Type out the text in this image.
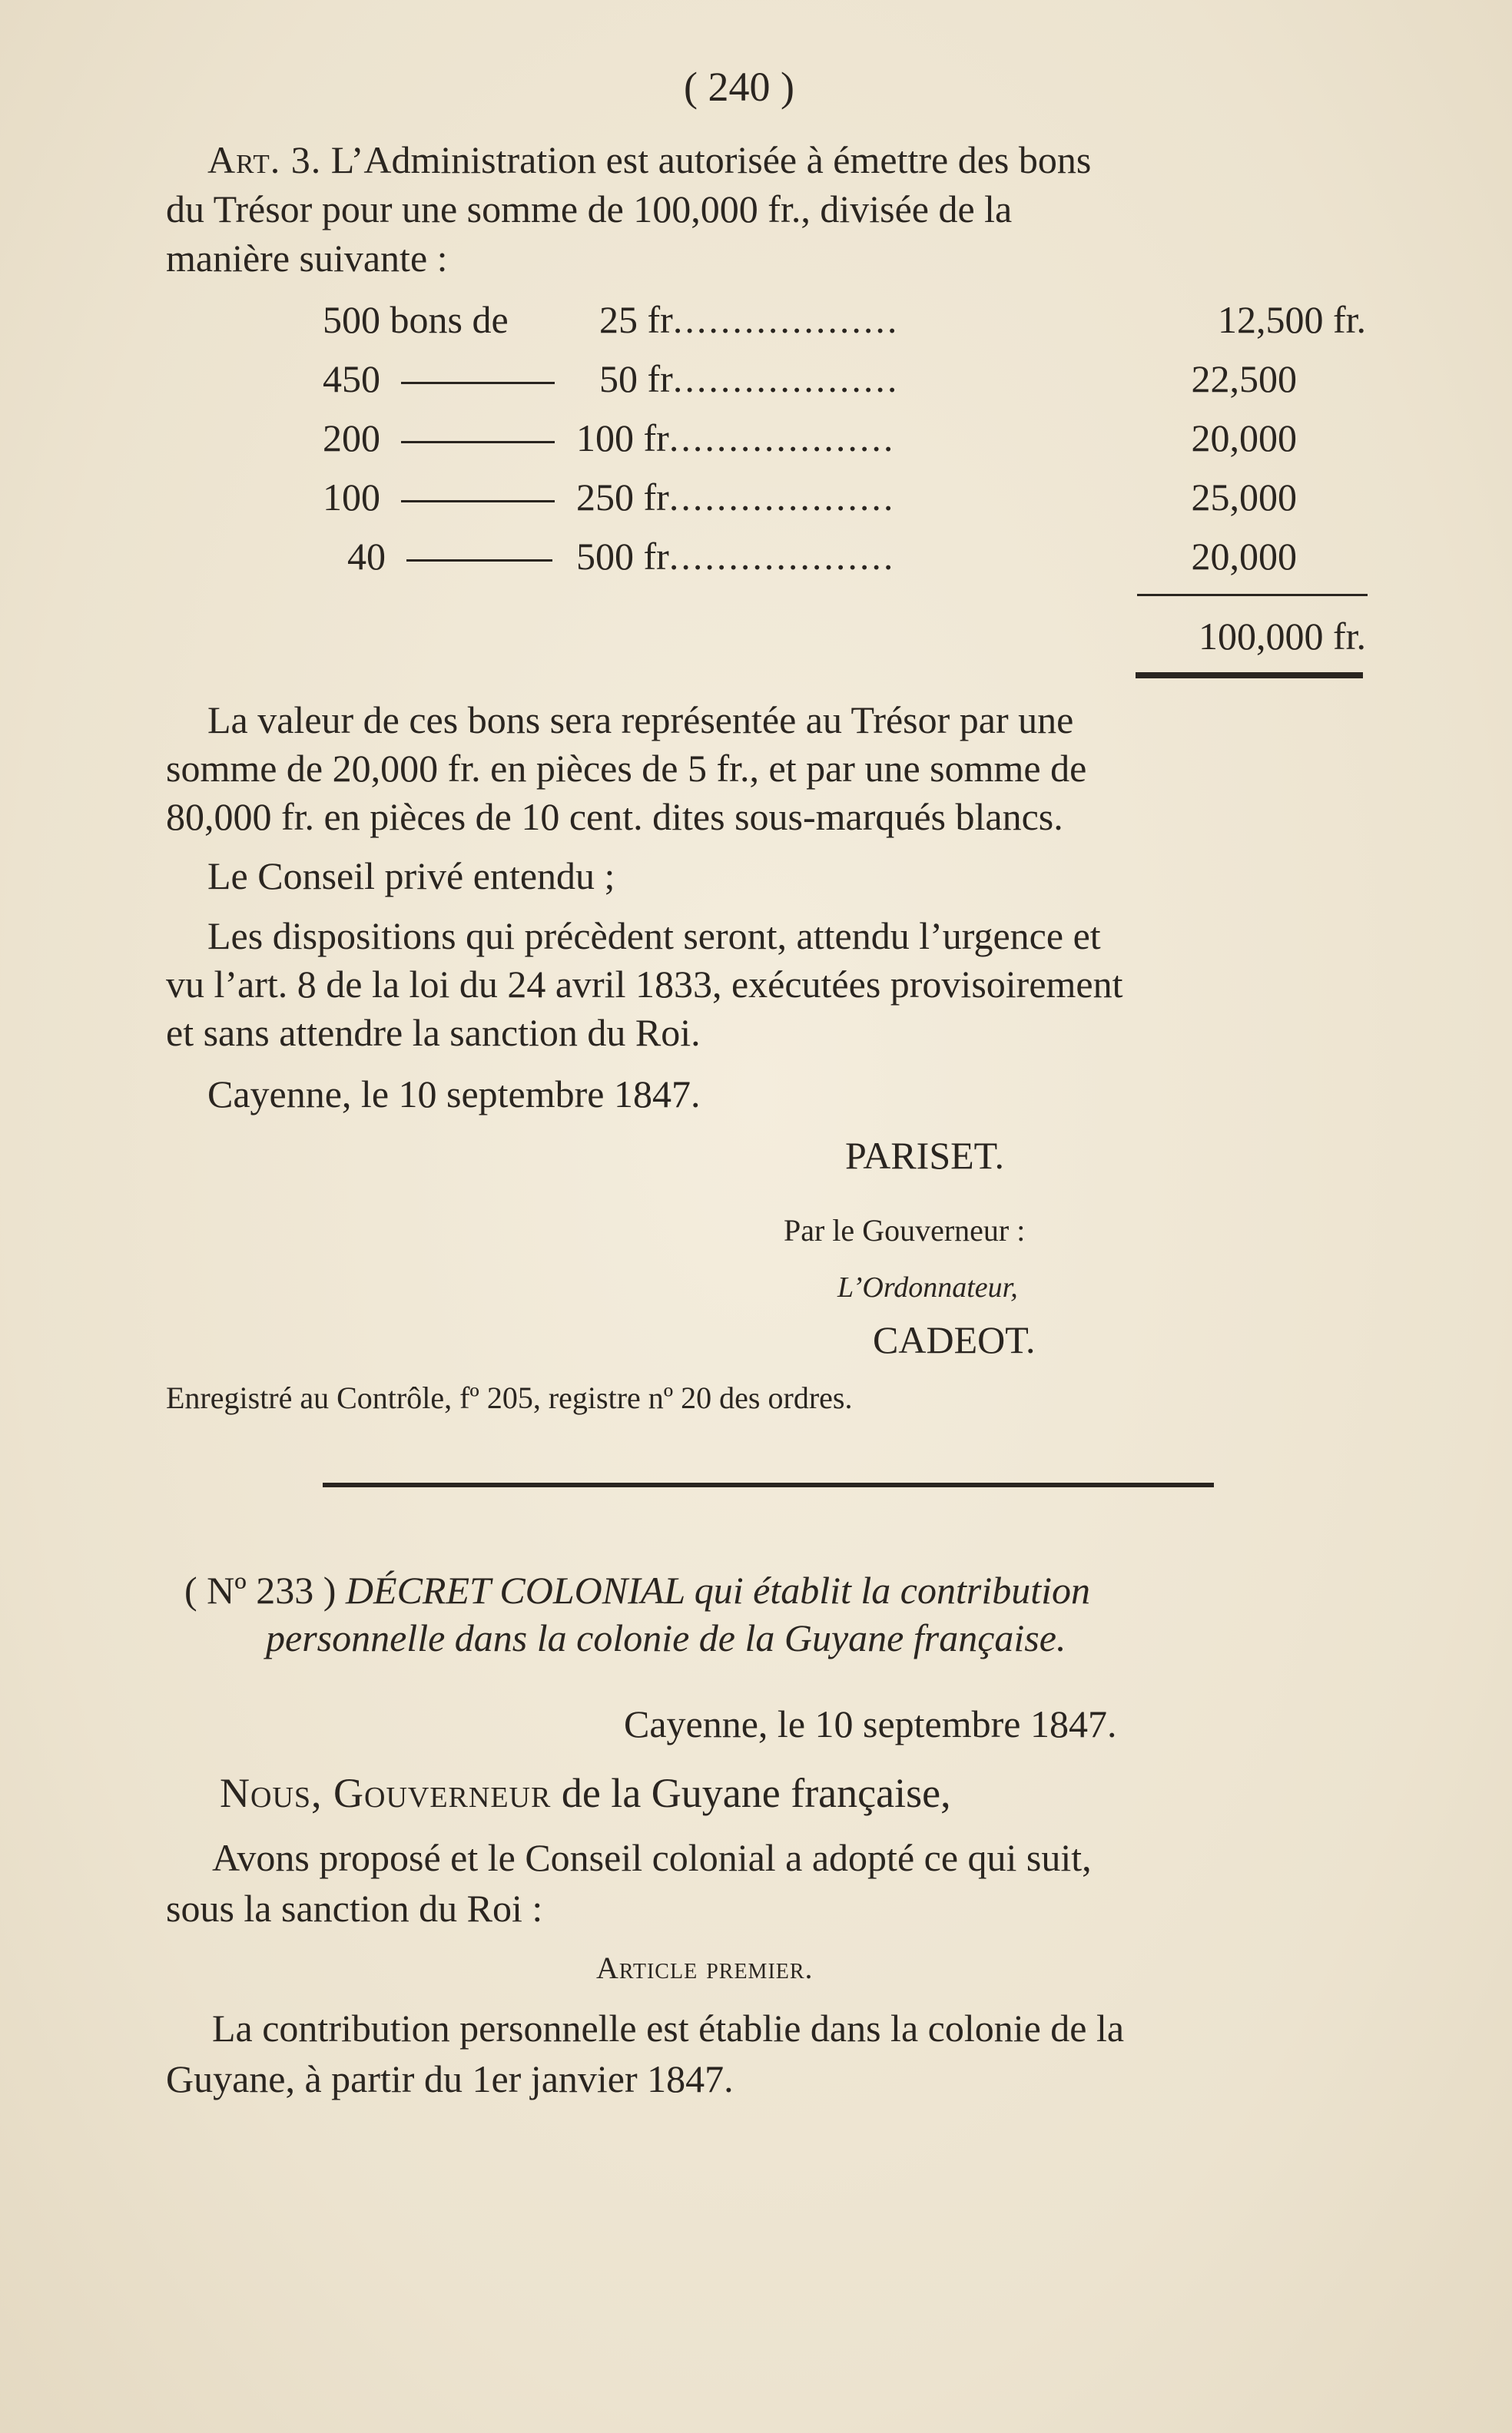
( 240 )
Art. 3. L’Administration est autorisée à émettre des bons
du Trésor pour une somme de 100,000 fr., divisée de la
manière suivante :
500 bons de 25 fr...................	12,500 fr.
450	50 fr...................	22,500
200	100 fr...................	20,000
100	250 fr...................	25,000
40	500 fr...................	20,000
100,000 fr.
La valeur de ces bons sera représentée au Trésor par une
somme de 20,000 fr. en pièces de 5 fr., et par une somme de
80,000 fr. en pièces de 10 cent. dites sous-marqués blancs.
Le Conseil privé entendu ;
Les dispositions qui précèdent seront, attendu l’urgence et
vu l’art. 8 de la loi du 24 avril 1833, exécutées provisoirement
et sans attendre la sanction du Roi.
Cayenne, le 10 septembre 1847.
PARISET.
Par le Gouverneur :
L’Ordonnateur,
CADEOT.
Enregistré au Contrôle, fº 205, registre nº 20 des ordres.
( Nº 233 ) DÉCRET COLONIAL qui établit la contribution
personnelle dans la colonie de la Guyane française.
Cayenne, le 10 septembre 1847.
Nous, Gouverneur de la Guyane française,
Avons proposé et le Conseil colonial a adopté ce qui suit,
sous la sanction du Roi :
Article premier.
La contribution personnelle est établie dans la colonie de la
Guyane, à partir du 1er janvier 1847.
